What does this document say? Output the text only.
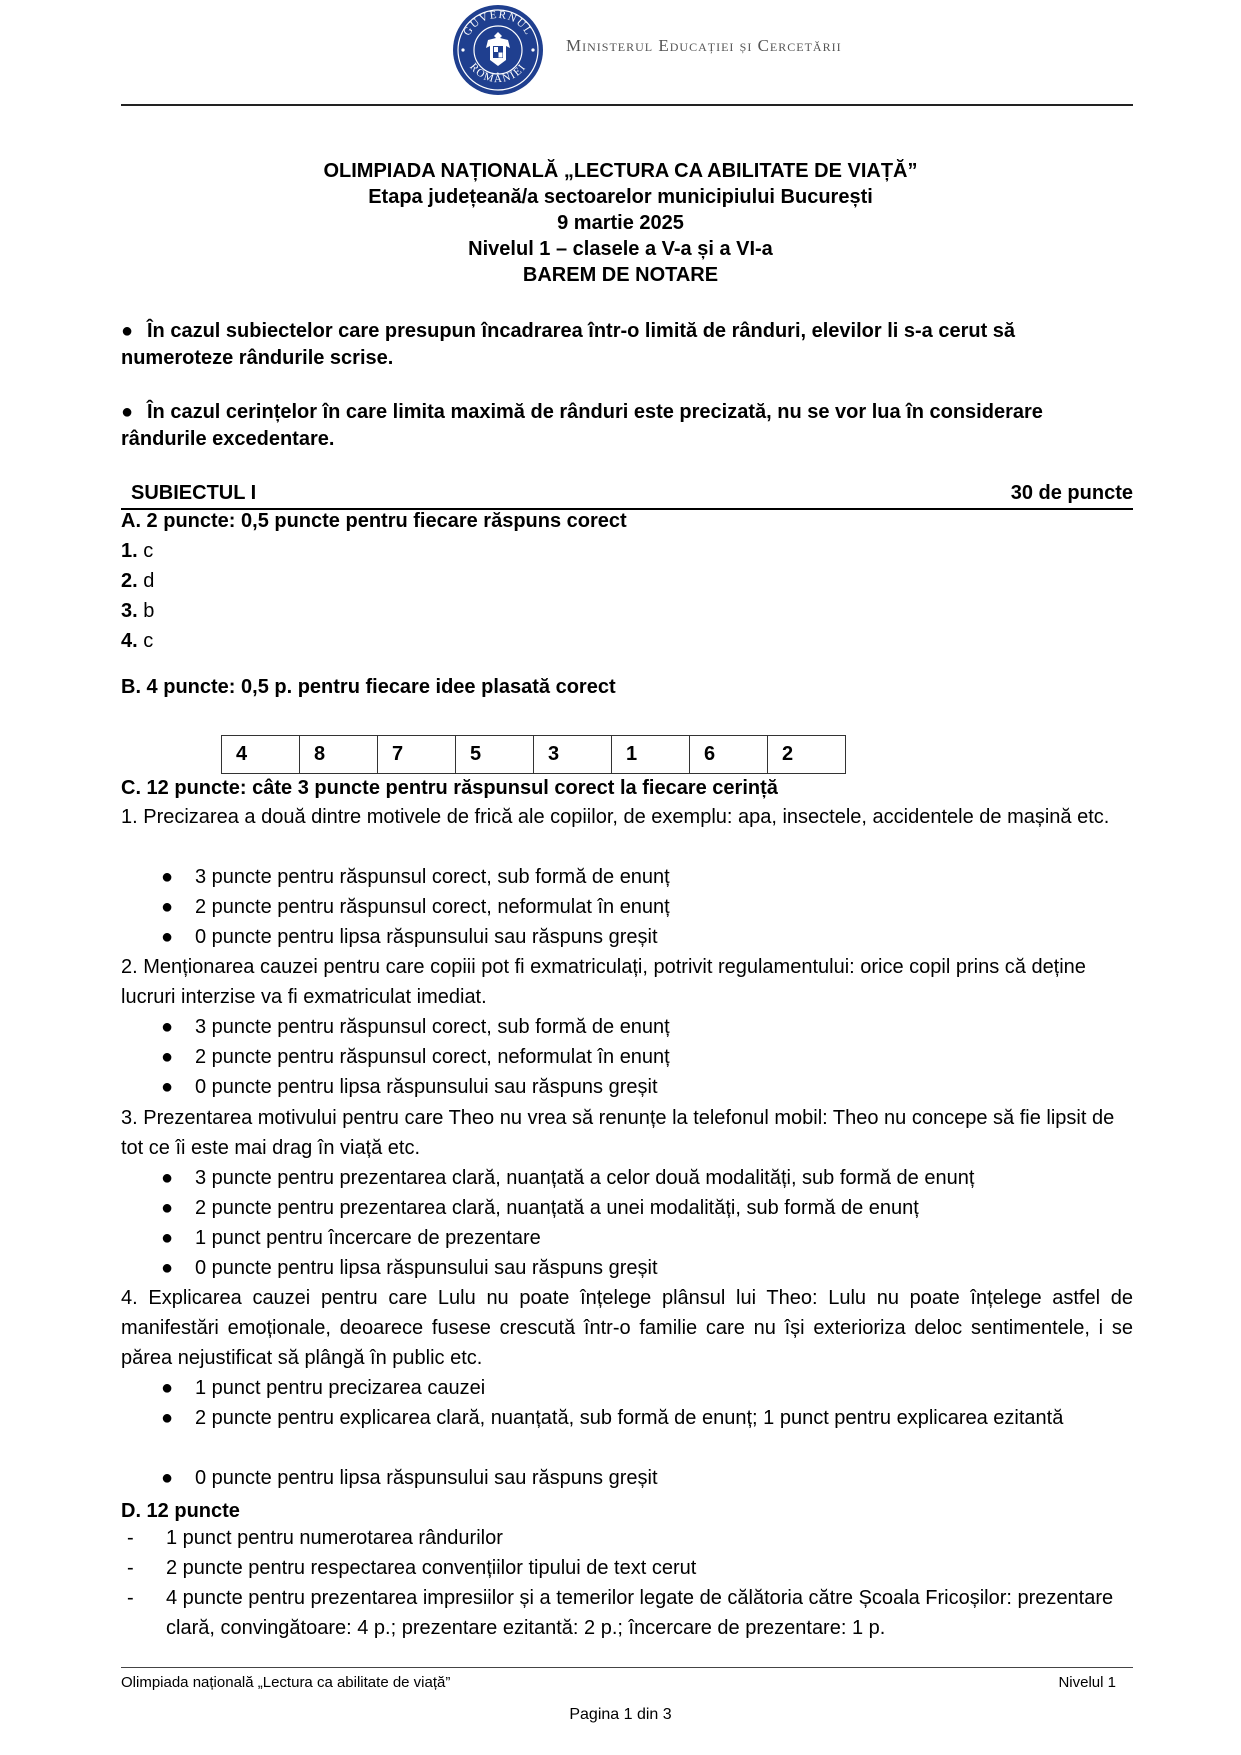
GUVERNUL
ROMÂNIEI
Ministerul Educației și Cercetării
OLIMPIADA NAȚIONALĂ „LECTURA CA ABILITATE DE VIAȚĂ”
Etapa județeană/a sectoarelor municipiului București
9 martie 2025
Nivelul 1 – clasele a V-a și a VI-a
BAREM DE NOTARE
● În cazul subiectelor care presupun încadrarea într-o limită de rânduri, elevilor li s-a cerut să numeroteze rândurile scrise.
● În cazul cerințelor în care limita maximă de rânduri este precizată, nu se vor lua în considerare rândurile excedentare.
SUBIECTUL I	30 de puncte
A. 2 puncte: 0,5 puncte pentru fiecare răspuns corect
1. c
2. d
3. b
4. c
B. 4 puncte: 0,5 p. pentru fiecare idee plasată corect
4	8	7	5	3	1	6	2
C. 12 puncte: câte 3 puncte pentru răspunsul corect la fiecare cerință
1. Precizarea a două dintre motivele de frică ale copiilor, de exemplu: apa, insectele, accidentele de mașină etc.
● 3 puncte pentru răspunsul corect, sub formă de enunț
● 2 puncte pentru răspunsul corect, neformulat în enunț
● 0 puncte pentru lipsa răspunsului sau răspuns greșit
2. Menționarea cauzei pentru care copiii pot fi exmatriculați, potrivit regulamentului: orice copil prins că deține lucruri interzise va fi exmatriculat imediat.
● 3 puncte pentru răspunsul corect, sub formă de enunț
● 2 puncte pentru răspunsul corect, neformulat în enunț
● 0 puncte pentru lipsa răspunsului sau răspuns greșit
3. Prezentarea motivului pentru care Theo nu vrea să renunțe la telefonul mobil: Theo nu concepe să fie lipsit de tot ce îi este mai drag în viață etc.
● 3 puncte pentru prezentarea clară, nuanțată a celor două modalități, sub formă de enunț
● 2 puncte pentru prezentarea clară, nuanțată a unei modalități, sub formă de enunț
● 1 punct pentru încercare de prezentare
● 0 puncte pentru lipsa răspunsului sau răspuns greșit
4. Explicarea cauzei pentru care Lulu nu poate înțelege plânsul lui Theo: Lulu nu poate înțelege astfel de manifestări emoționale, deoarece fusese crescută într-o familie care nu își exterioriza deloc sentimentele, i se părea nejustificat să plângă în public etc.
● 1 punct pentru precizarea cauzei
● 2 puncte pentru explicarea clară, nuanțată, sub formă de enunț; 1 punct pentru explicarea ezitantă
● 0 puncte pentru lipsa răspunsului sau răspuns greșit
D. 12 puncte
- 1 punct pentru numerotarea rândurilor
- 2 puncte pentru respectarea convențiilor tipului de text cerut
- 4 puncte pentru prezentarea impresiilor și a temerilor legate de călătoria către Școala Fricoșilor: prezentare clară, convingătoare: 4 p.; prezentare ezitantă: 2 p.; încercare de prezentare: 1 p.
Olimpiada națională „Lectura ca abilitate de viață”	Nivelul 1
Pagina 1 din 3
